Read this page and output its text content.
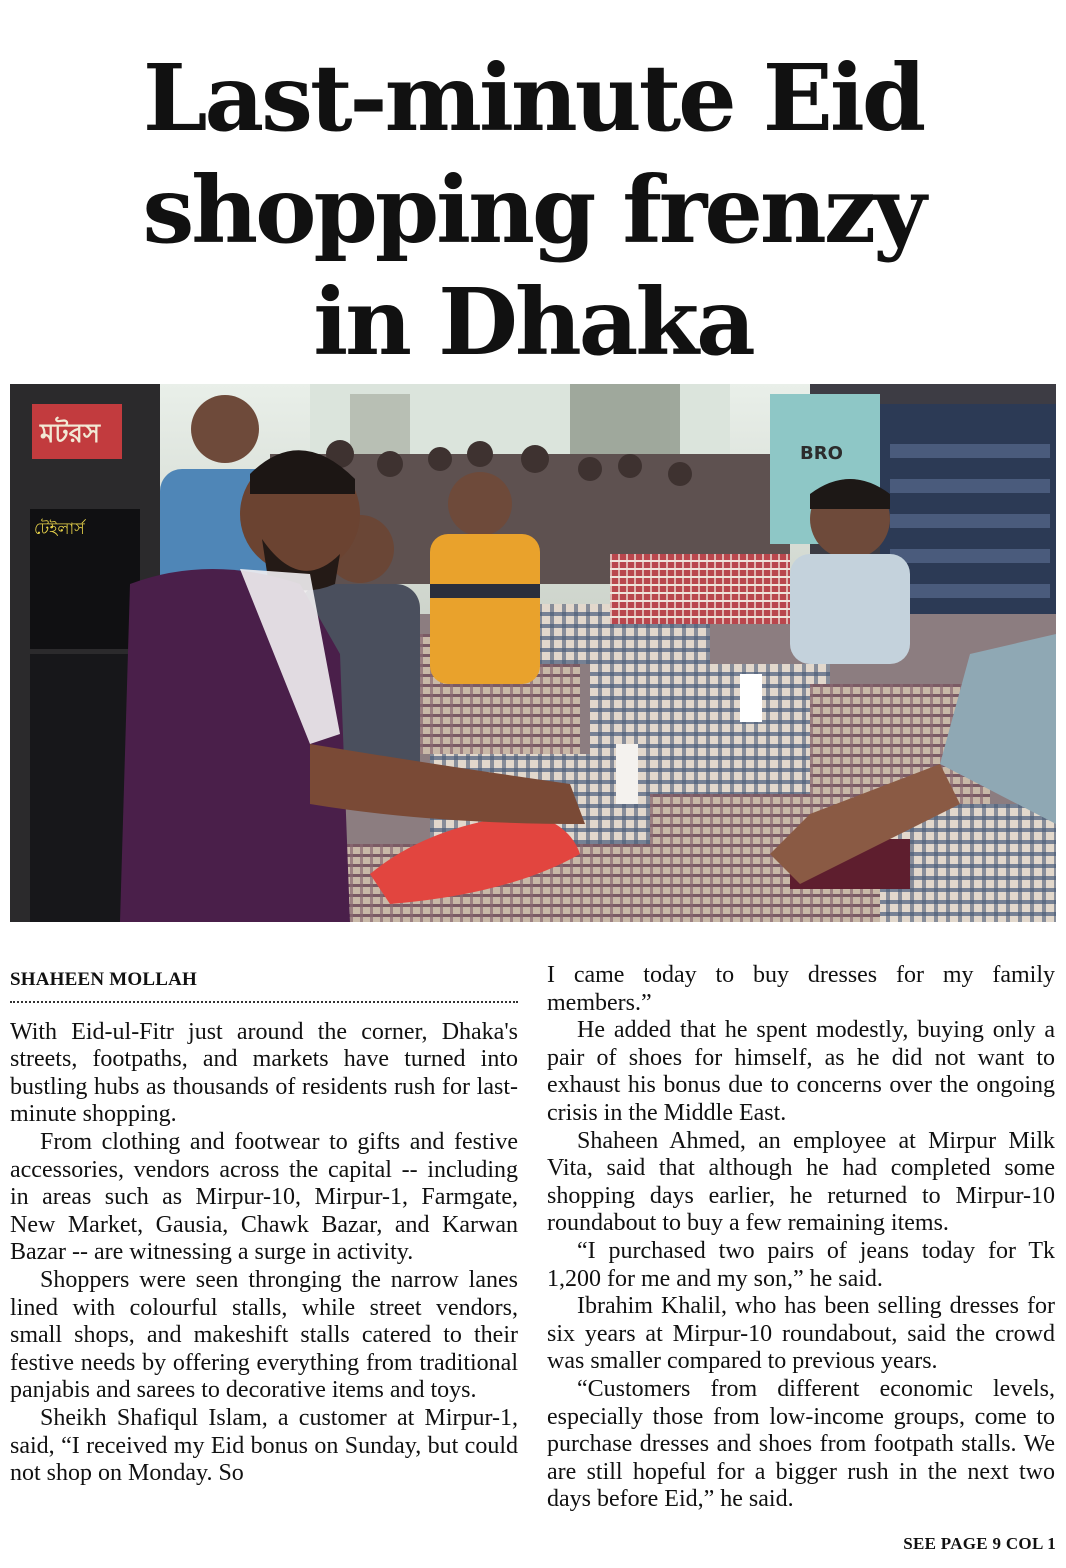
Last-minute Eid
shopping frenzy
in Dhaka
মটরস
টেইলার্স
BRO
SHAHEEN MOLLAH

With Eid-ul-Fitr just around the corner, Dhaka's streets, footpaths, and markets have turned into bustling hubs as thousands of residents rush for last-minute shopping.

From clothing and footwear to gifts and festive accessories, vendors across the capital -- including in areas such as Mirpur-10, Mirpur-1, Farmgate, New Market, Gausia, Chawk Bazar, and Karwan Bazar -- are witnessing a surge in activity.

Shoppers were seen thronging the narrow lanes lined with colourful stalls, while street vendors, small shops, and makeshift stalls catered to their festive needs by offering everything from traditional panjabis and sarees to decorative items and toys.

Sheikh Shafiqul Islam, a customer at Mirpur-1, said, “I received my Eid bonus on Sunday, but could not shop on Monday. So

I came today to buy dresses for my family members.”

He added that he spent modestly, buying only a pair of shoes for himself, as he did not want to exhaust his bonus due to concerns over the ongoing crisis in the Middle East.

Shaheen Ahmed, an employee at Mirpur Milk Vita, said that although he had completed some shopping days earlier, he returned to Mirpur-10 roundabout to buy a few remaining items.

“I purchased two pairs of jeans today for Tk 1,200 for me and my son,” he said.

Ibrahim Khalil, who has been selling dresses for six years at Mirpur-10 roundabout, said the crowd was smaller compared to previous years.

“Customers from different economic levels, especially those from low-income groups, come to purchase dresses and shoes from footpath stalls. We are still hopeful for a bigger rush in the next two days before Eid,” he said.

SEE PAGE 9 COL 1
